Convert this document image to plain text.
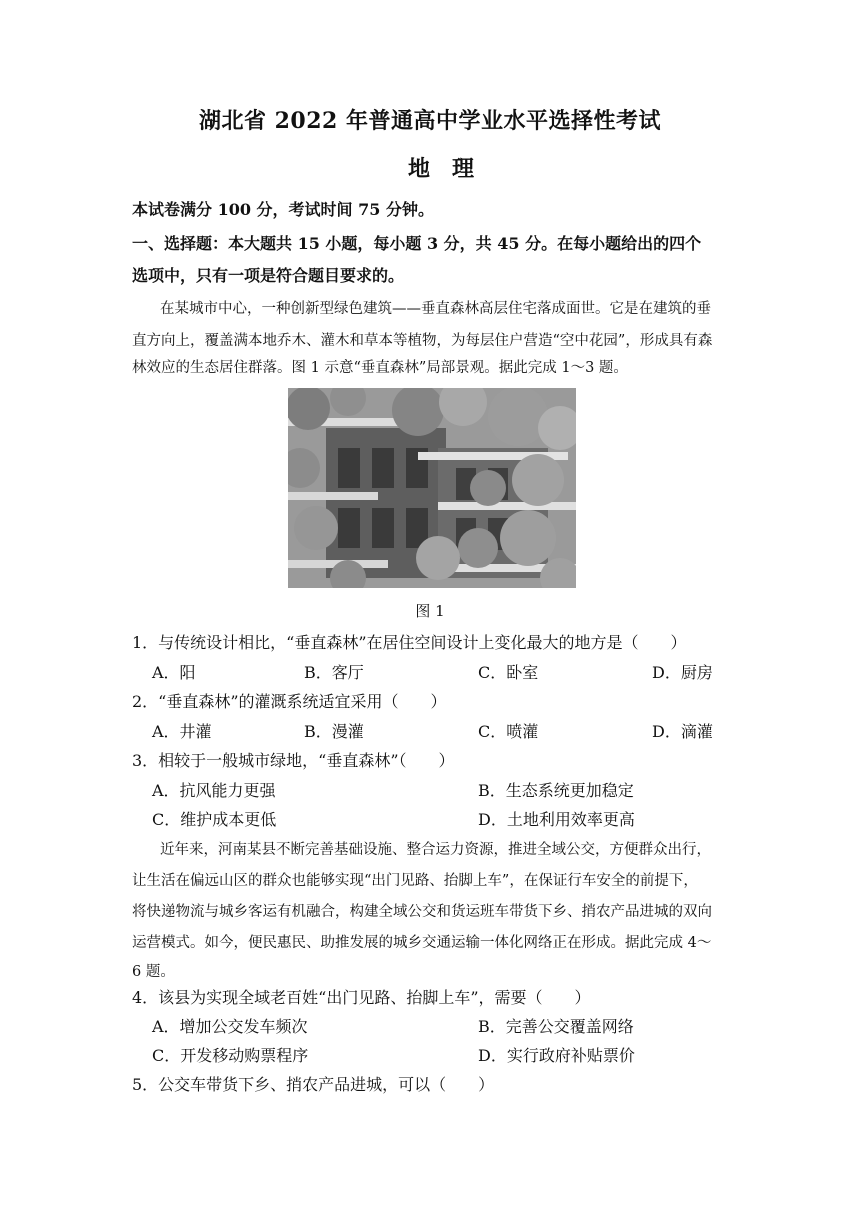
湖北省 2022 年普通高中学业水平选择性考试
地理
本试卷满分 100 分，考试时间 75 分钟。
一、选择题：本大题共 15 小题，每小题 3 分，共 45 分。在每小题给出的四个
选项中，只有一项是符合题目要求的。
在某城市中心，一种创新型绿色建筑——垂直森林高层住宅落成面世。它是在建筑的垂
直方向上，覆盖满本地乔木、灌木和草本等植物，为每层住户营造“空中花园”，形成具有森
林效应的生态居住群落。图 1 示意“垂直森林”局部景观。据此完成 1～3 题。
图 1
1．与传统设计相比，“垂直森林”在居住空间设计上变化最大的地方是（　　）
A．阳	B．客厅	C．卧室	D．厨房
2．“垂直森林”的灌溉系统适宜采用（　　）
A．井灌	B．漫灌	C．喷灌	D．滴灌
3．相较于一般城市绿地，“垂直森林”（　　）
A．抗风能力更强	B．生态系统更加稳定
C．维护成本更低	D．土地利用效率更高
近年来，河南某县不断完善基础设施、整合运力资源，推进全域公交，方便群众出行，
让生活在偏远山区的群众也能够实现“出门见路、抬脚上车”，在保证行车安全的前提下，
将快递物流与城乡客运有机融合，构建全域公交和货运班车带货下乡、捎农产品进城的双向
运营模式。如今，便民惠民、助推发展的城乡交通运输一体化网络正在形成。据此完成 4～
6 题。
4．该县为实现全域老百姓“出门见路、抬脚上车”，需要（　　）
A．增加公交发车频次	B．完善公交覆盖网络
C．开发移动购票程序	D．实行政府补贴票价
5．公交车带货下乡、捎农产品进城，可以（　　）
